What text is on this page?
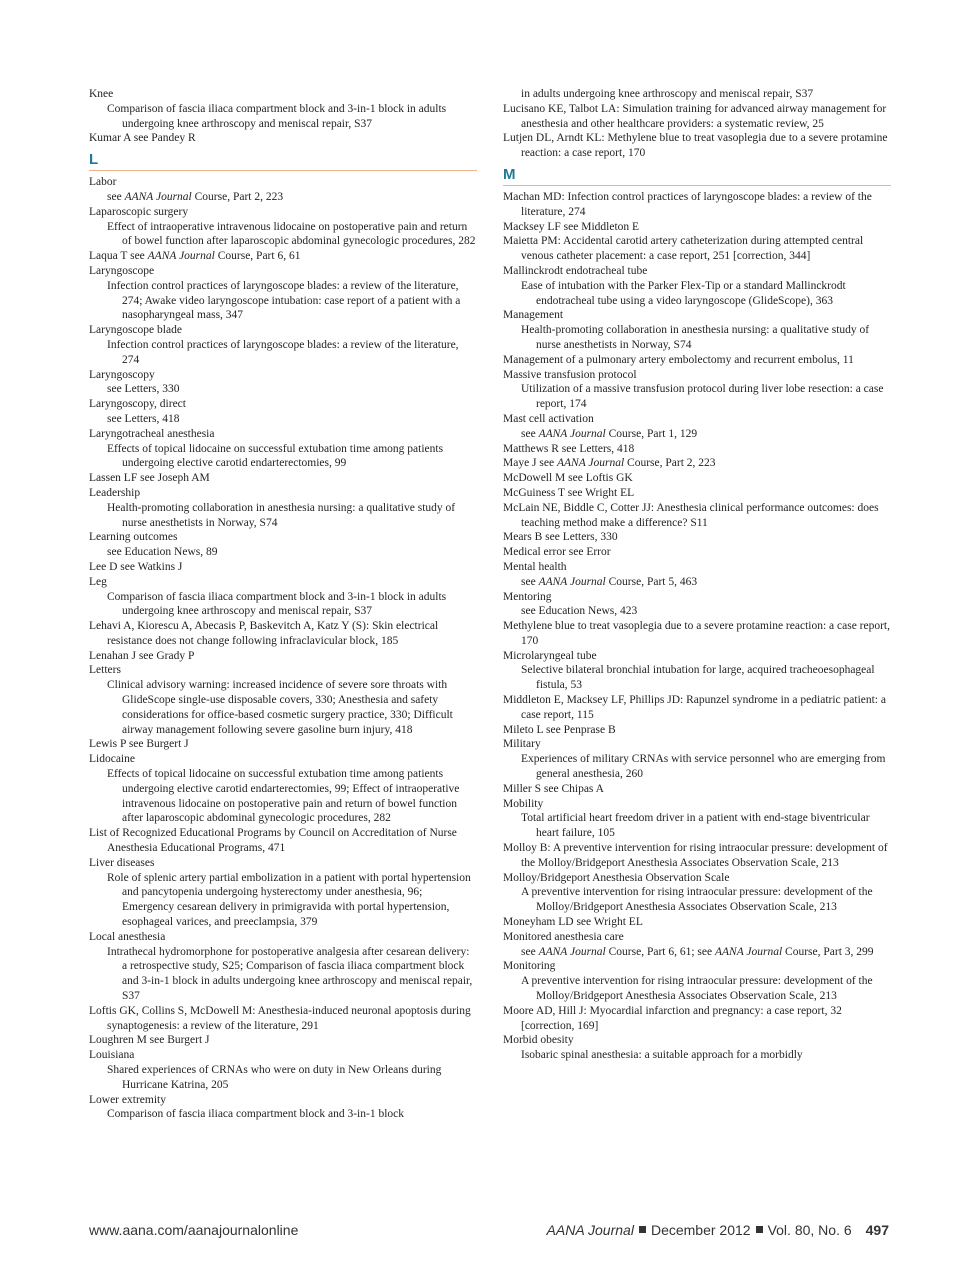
Knee
Comparison of fascia iliaca compartment block and 3-in-1 block in adults undergoing knee arthroscopy and meniscal repair, S37
Kumar A see Pandey R
L
Labor
see AANA Journal Course, Part 2, 223
Laparoscopic surgery
Effect of intraoperative intravenous lidocaine on postoperative pain and return of bowel function after laparoscopic abdominal gynecologic procedures, 282
Laqua T see AANA Journal Course, Part 6, 61
Laryngoscope
Infection control practices of laryngoscope blades: a review of the literature, 274; Awake video laryngoscope intubation: case report of a patient with a nasopharyngeal mass, 347
Laryngoscope blade
Infection control practices of laryngoscope blades: a review of the literature, 274
Laryngoscopy
see Letters, 330
Laryngoscopy, direct
see Letters, 418
Laryngotracheal anesthesia
Effects of topical lidocaine on successful extubation time among patients undergoing elective carotid endarterectomies, 99
Lassen LF see Joseph AM
Leadership
Health-promoting collaboration in anesthesia nursing: a qualitative study of nurse anesthetists in Norway, S74
Learning outcomes
see Education News, 89
Lee D see Watkins J
Leg
Comparison of fascia iliaca compartment block and 3-in-1 block in adults undergoing knee arthroscopy and meniscal repair, S37
Lehavi A, Kiorescu A, Abecasis P, Baskevitch A, Katz Y (S): Skin electrical resistance does not change following infraclavicular block, 185
Lenahan J see Grady P
Letters
Clinical advisory warning: increased incidence of severe sore throats with GlideScope single-use disposable covers, 330; Anesthesia and safety considerations for office-based cosmetic surgery practice, 330; Difficult airway management following severe gasoline burn injury, 418
Lewis P see Burgert J
Lidocaine
Effects of topical lidocaine on successful extubation time among patients undergoing elective carotid endarterectomies, 99; Effect of intraoperative intravenous lidocaine on postoperative pain and return of bowel function after laparoscopic abdominal gynecologic procedures, 282
List of Recognized Educational Programs by Council on Accreditation of Nurse Anesthesia Educational Programs, 471
Liver diseases
Role of splenic artery partial embolization in a patient with portal hypertension and pancytopenia undergoing hysterectomy under anesthesia, 96; Emergency cesarean delivery in primigravida with portal hypertension, esophageal varices, and preeclampsia, 379
Local anesthesia
Intrathecal hydromorphone for postoperative analgesia after cesarean delivery: a retrospective study, S25; Comparison of fascia iliaca compartment block and 3-in-1 block in adults undergoing knee arthroscopy and meniscal repair, S37
Loftis GK, Collins S, McDowell M: Anesthesia-induced neuronal apoptosis during synaptogenesis: a review of the literature, 291
Loughren M see Burgert J
Louisiana
Shared experiences of CRNAs who were on duty in New Orleans during Hurricane Katrina, 205
Lower extremity
Comparison of fascia iliaca compartment block and 3-in-1 block
in adults undergoing knee arthroscopy and meniscal repair, S37
Lucisano KE, Talbot LA: Simulation training for advanced airway management for anesthesia and other healthcare providers: a systematic review, 25
Lutjen DL, Arndt KL: Methylene blue to treat vasoplegia due to a severe protamine reaction: a case report, 170
M
Machan MD: Infection control practices of laryngoscope blades: a review of the literature, 274
Macksey LF see Middleton E
Maietta PM: Accidental carotid artery catheterization during attempted central venous catheter placement: a case report, 251 [correction, 344]
Mallinckrodt endotracheal tube
Ease of intubation with the Parker Flex-Tip or a standard Mallinckrodt endotracheal tube using a video laryngoscope (GlideScope), 363
Management
Health-promoting collaboration in anesthesia nursing: a qualitative study of nurse anesthetists in Norway, S74
Management of a pulmonary artery embolectomy and recurrent embolus, 11
Massive transfusion protocol
Utilization of a massive transfusion protocol during liver lobe resection: a case report, 174
Mast cell activation
see AANA Journal Course, Part 1, 129
Matthews R see Letters, 418
Maye J see AANA Journal Course, Part 2, 223
McDowell M see Loftis GK
McGuiness T see Wright EL
McLain NE, Biddle C, Cotter JJ: Anesthesia clinical performance outcomes: does teaching method make a difference? S11
Mears B see Letters, 330
Medical error see Error
Mental health
see AANA Journal Course, Part 5, 463
Mentoring
see Education News, 423
Methylene blue to treat vasoplegia due to a severe protamine reaction: a case report, 170
Microlaryngeal tube
Selective bilateral bronchial intubation for large, acquired tracheoesophageal fistula, 53
Middleton E, Macksey LF, Phillips JD: Rapunzel syndrome in a pediatric patient: a case report, 115
Mileto L see Penprase B
Military
Experiences of military CRNAs with service personnel who are emerging from general anesthesia, 260
Miller S see Chipas A
Mobility
Total artificial heart freedom driver in a patient with end-stage biventricular heart failure, 105
Molloy B: A preventive intervention for rising intraocular pressure: development of the Molloy/Bridgeport Anesthesia Associates Observation Scale, 213
Molloy/Bridgeport Anesthesia Observation Scale
A preventive intervention for rising intraocular pressure: development of the Molloy/Bridgeport Anesthesia Associates Observation Scale, 213
Moneyham LD see Wright EL
Monitored anesthesia care
see AANA Journal Course, Part 6, 61; see AANA Journal Course, Part 3, 299
Monitoring
A preventive intervention for rising intraocular pressure: development of the Molloy/Bridgeport Anesthesia Associates Observation Scale, 213
Moore AD, Hill J: Myocardial infarction and pregnancy: a case report, 32 [correction, 169]
Morbid obesity
Isobaric spinal anesthesia: a suitable approach for a morbidly
www.aana.com/aanajournalonline	AANA Journal December 2012 Vol. 80, No. 6 497
